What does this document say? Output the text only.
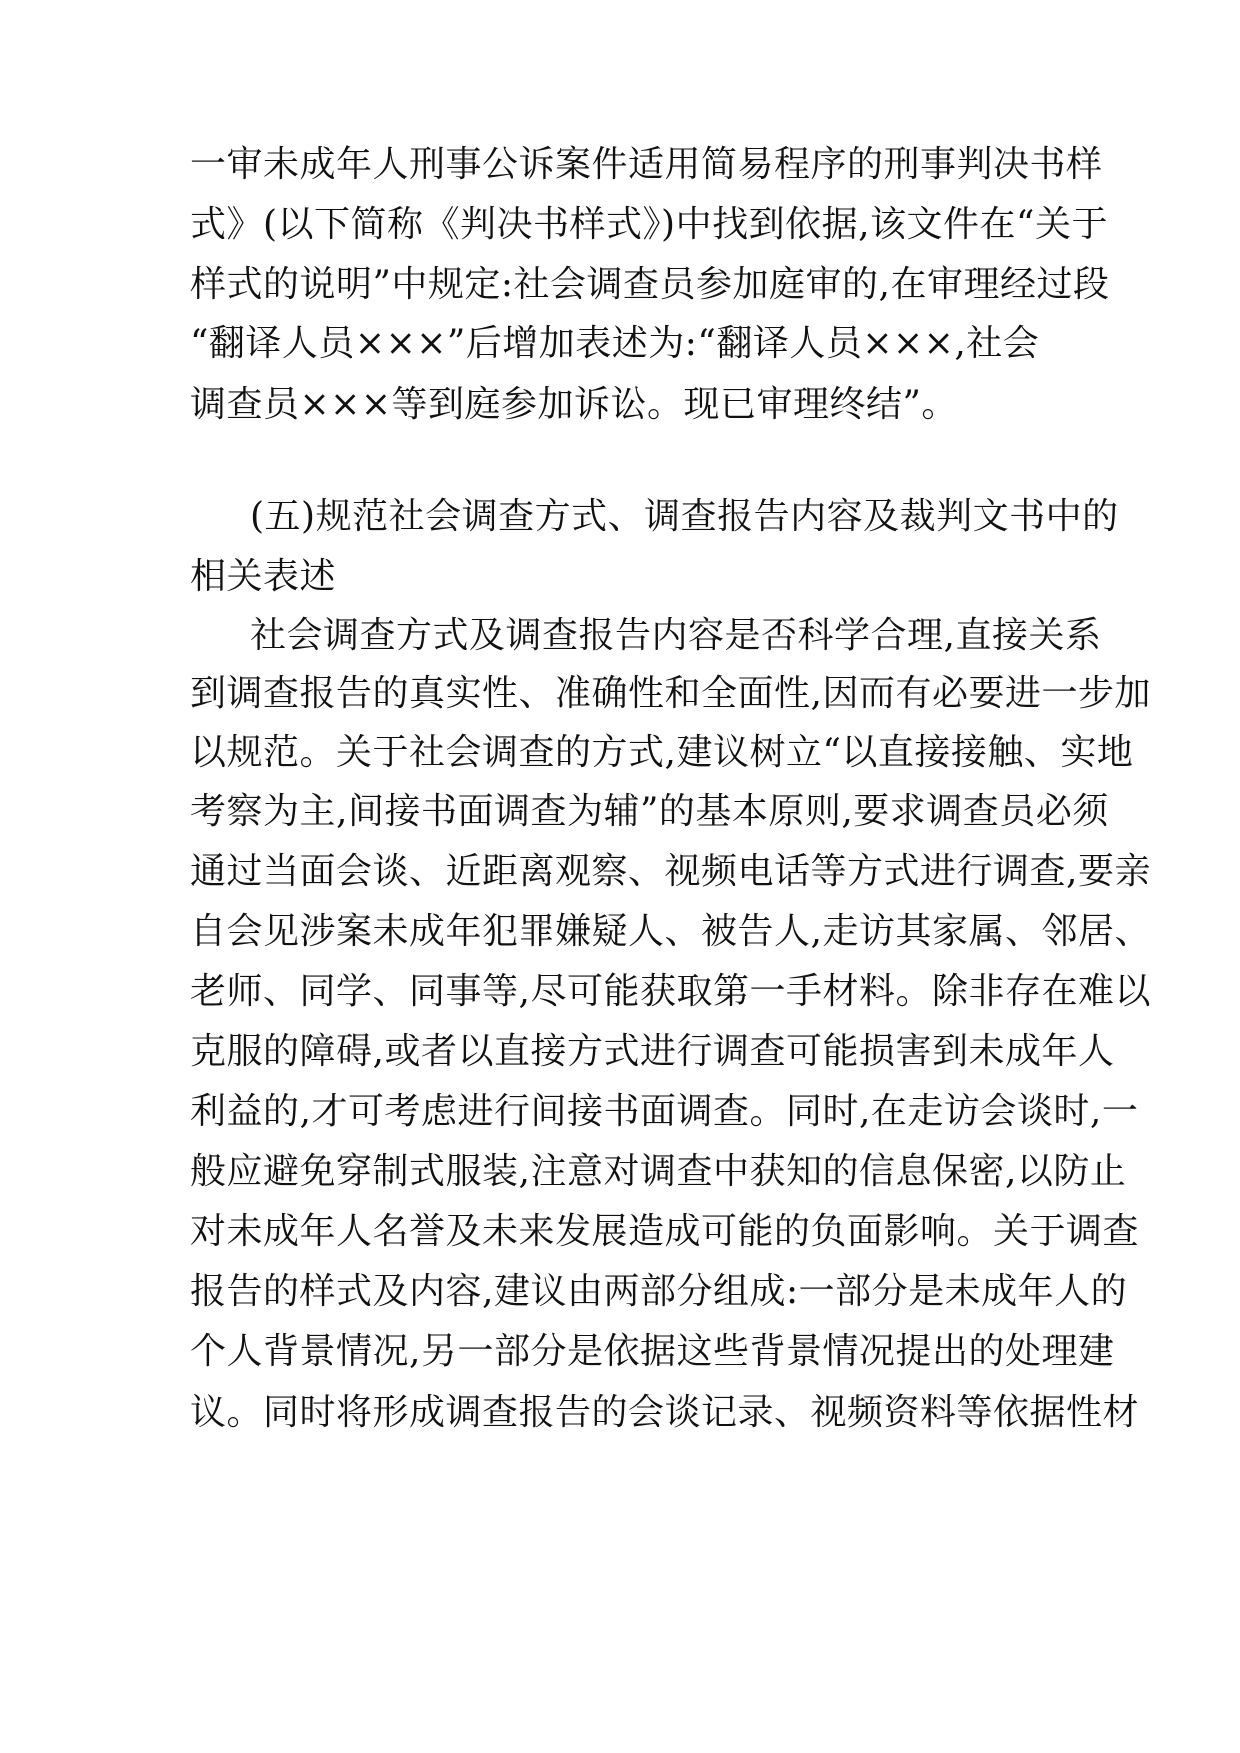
一审未成年人刑事公诉案件适用简易程序的刑事判决书样
式》(以下简称《判决书样式》)中找到依据,该文件在“关于
样式的说明”中规定:社会调查员参加庭审的,在审理经过段
“翻译人员×××”后增加表述为:“翻译人员×××,社会
调查员×××等到庭参加诉讼。现已审理终结”。
(五)规范社会调查方式、调查报告内容及裁判文书中的
相关表述
社会调查方式及调查报告内容是否科学合理,直接关系
到调查报告的真实性、准确性和全面性,因而有必要进一步加
以规范。关于社会调查的方式,建议树立“以直接接触、实地
考察为主,间接书面调查为辅”的基本原则,要求调查员必须
通过当面会谈、近距离观察、视频电话等方式进行调查,要亲
自会见涉案未成年犯罪嫌疑人、被告人,走访其家属、邻居、
老师、同学、同事等,尽可能获取第一手材料。除非存在难以
克服的障碍,或者以直接方式进行调查可能损害到未成年人
利益的,才可考虑进行间接书面调查。同时,在走访会谈时,一
般应避免穿制式服装,注意对调查中获知的信息保密,以防止
对未成年人名誉及未来发展造成可能的负面影响。关于调查
报告的样式及内容,建议由两部分组成:一部分是未成年人的
个人背景情况,另一部分是依据这些背景情况提出的处理建
议。同时将形成调查报告的会谈记录、视频资料等依据性材
